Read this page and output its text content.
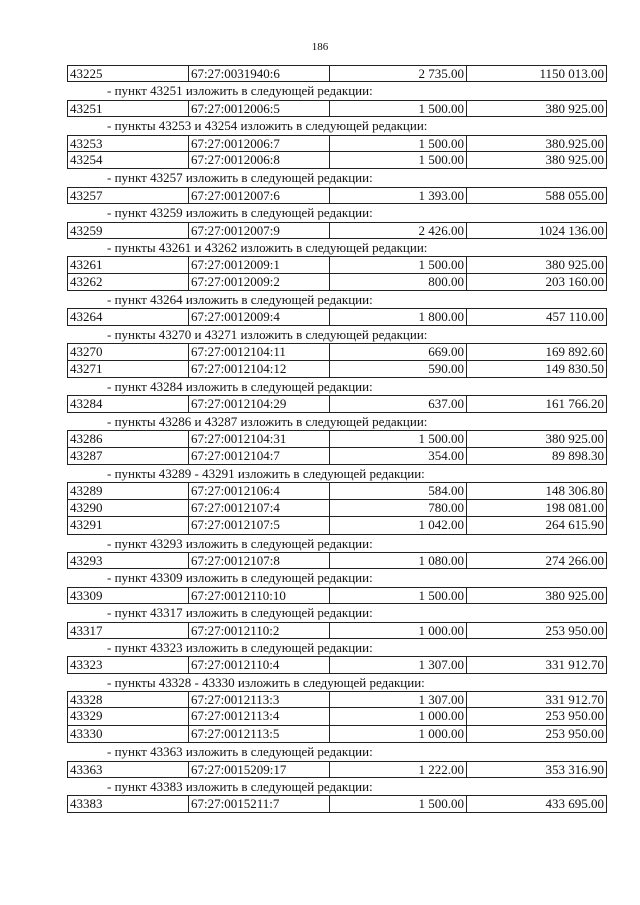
186
43225	67:27:0031940:6	2 735.00	1150 013.00
- пункт 43251 изложить в следующей редакции:
43251	67:27:0012006:5	1 500.00	380 925.00
- пункты 43253 и 43254 изложить в следующей редакции:
43253	67:27:0012006:7	1 500.00	380.925.00
43254	67:27:0012006:8	1 500.00	380 925.00
- пункт 43257 изложить в следующей редакции:
43257	67:27:0012007:6	1 393.00	588 055.00
- пункт 43259 изложить в следующей редакции:
43259	67:27:0012007:9	2 426.00	1024 136.00
- пункты 43261 и 43262 изложить в следующей редакции:
43261	67:27:0012009:1	1 500.00	380 925.00
43262	67:27:0012009:2	800.00	203 160.00
- пункт 43264 изложить в следующей редакции:
43264	67:27:0012009:4	1 800.00	457 110.00
- пункты 43270 и 43271 изложить в следующей редакции:
43270	67:27:0012104:11	669.00	169 892.60
43271	67:27:0012104:12	590.00	149 830.50
- пункт 43284 изложить в следующей редакции:
43284	67:27:0012104:29	637.00	161 766.20
- пункты 43286 и 43287 изложить в следующей редакции:
43286	67:27:0012104:31	1 500.00	380 925.00
43287	67:27:0012104:7	354.00	89 898.30
- пункты 43289 - 43291 изложить в следующей редакции:
43289	67:27:0012106:4	584.00	148 306.80
43290	67:27:0012107:4	780.00	198 081.00
43291	67:27:0012107:5	1 042.00	264 615.90
- пункт 43293 изложить в следующей редакции:
43293	67:27:0012107:8	1 080.00	274 266.00
- пункт 43309 изложить в следующей редакции:
43309	67:27:0012110:10	1 500.00	380 925.00
- пункт 43317 изложить в следующей редакции:
43317	67:27:0012110:2	1 000.00	253 950.00
- пункт 43323 изложить в следующей редакции:
43323	67:27:0012110:4	1 307.00	331 912.70
- пункты 43328 - 43330 изложить в следующей редакции:
43328	67:27:0012113:3	1 307.00	331 912.70
43329	67:27:0012113:4	1 000.00	253 950.00
43330	67:27:0012113:5	1 000.00	253 950.00
- пункт 43363 изложить в следующей редакции:
43363	67:27:0015209:17	1 222.00	353 316.90
- пункт 43383 изложить в следующей редакции:
43383	67:27:0015211:7	1 500.00	433 695.00
